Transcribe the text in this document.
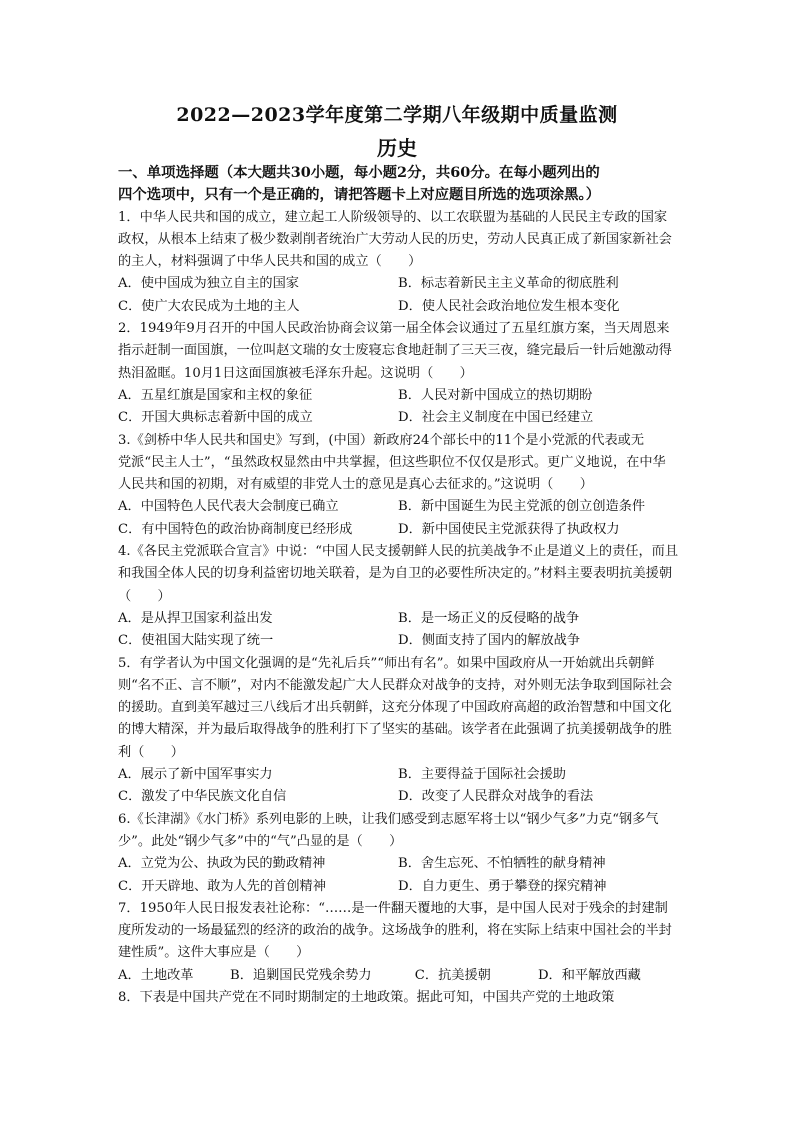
2022—2023学年度第二学期八年级期中质量监测
历史
一、单项选择题（本大题共30小题，每小题2分，共60分。在每小题列出的
四个选项中，只有一个是正确的，请把答题卡上对应题目所选的选项涂黑。）
1．中华人民共和国的成立，建立起工人阶级领导的、以工农联盟为基础的人民民主专政的国家政权，从根本上结束了极少数剥削者统治广大劳动人民的历史，劳动人民真正成了新国家新社会的主人，材料强调了中华人民共和国的成立（　　）
A．使中国成为独立自主的国家	B．标志着新民主主义革命的彻底胜利
C．使广大农民成为土地的主人	D．使人民社会政治地位发生根本变化
2．1949年9月召开的中国人民政治协商会议第一届全体会议通过了五星红旗方案，当天周恩来指示赶制一面国旗，一位叫赵文瑞的女士废寝忘食地赶制了三天三夜，缝完最后一针后她激动得热泪盈眶。10月1日这面国旗被毛泽东升起。这说明（　　）
A．五星红旗是国家和主权的象征	B．人民对新中国成立的热切期盼
C．开国大典标志着新中国的成立	D．社会主义制度在中国已经建立
3.《剑桥中华人民共和国史》写到，(中国）新政府24个部长中的11个是小党派的代表或无
党派“民主人士”，“虽然政权显然由中共掌握，但这些职位不仅仅是形式。更广义地说，在中华人民共和国的初期，对有威望的非党人士的意见是真心去征求的。”这说明（　　）
A．中国特色人民代表大会制度已确立	B．新中国诞生为民主党派的创立创造条件
C．有中国特色的政治协商制度已经形成	D．新中国使民主党派获得了执政权力
4.《各民主党派联合宣言》中说：“中国人民支援朝鲜人民的抗美战争不止是道义上的责任，而且和我国全体人民的切身利益密切地关联着，是为自卫的必要性所决定的。”材料主要表明抗美援朝（　　）
A．是从捍卫国家利益出发	B．是一场正义的反侵略的战争
C．使祖国大陆实现了统一	D．侧面支持了国内的解放战争
5．有学者认为中国文化强调的是“先礼后兵”“师出有名”。如果中国政府从一开始就出兵朝鲜则“名不正、言不顺”，对内不能激发起广大人民群众对战争的支持，对外则无法争取到国际社会的援助。直到美军越过三八线后才出兵朝鲜，这充分体现了中国政府高超的政治智慧和中国文化的博大精深，并为最后取得战争的胜利打下了坚实的基础。该学者在此强调了抗美援朝战争的胜利（　　）
A．展示了新中国军事实力	B．主要得益于国际社会援助
C．激发了中华民族文化自信	D．改变了人民群众对战争的看法
6.《长津湖》《水门桥》系列电影的上映，让我们感受到志愿军将士以“钢少气多”力克“钢多气少”。此处“钢少气多”中的“气”凸显的是（　　）
A．立党为公、执政为民的勤政精神	B．舍生忘死、不怕牺牲的献身精神
C．开天辟地、敢为人先的首创精神	D．自力更生、勇于攀登的探究精神
7．1950年人民日报发表社论称：“……是一件翻天覆地的大事，是中国人民对于残余的封建制度所发动的一场最猛烈的经济的政治的战争。这场战争的胜利，将在实际上结束中国社会的半封建性质”。这件大事应是（　　）
A．土地改革	B．追剿国民党残余势力	C．抗美援朝	D．和平解放西藏
8．下表是中国共产党在不同时期制定的土地政策。据此可知，中国共产党的土地政策
